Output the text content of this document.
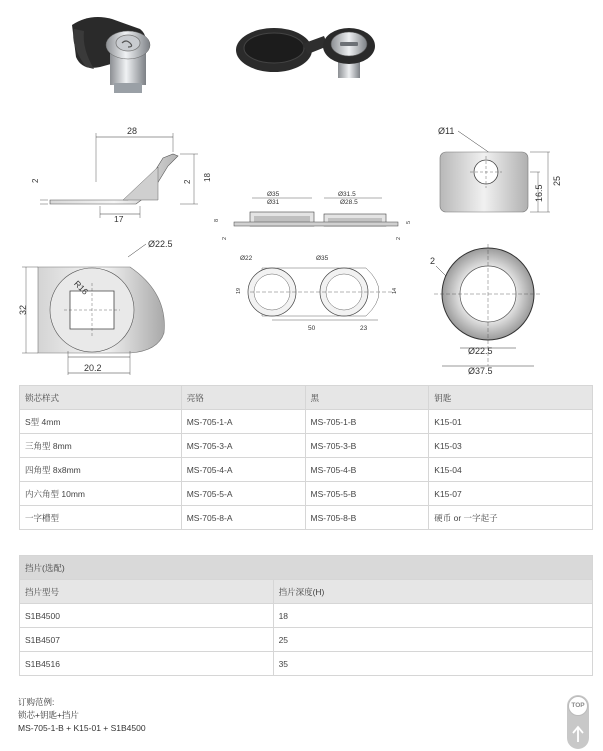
28
2	2 18
17
Ø35
Ø31
Ø31.5
Ø28.5
8
2
5
2
Ø11
16.5
25
Ø22.5
R16
32
20.2
Ø22	Ø35
19	14
50	23
2
Ø22.5
Ø37.5
锁芯样式	亮铬	黑	钥匙
S型 4mm	MS-705-1-A	MS-705-1-B	K15-01
三角型 8mm	MS-705-3-A	MS-705-3-B	K15-03
四角型 8x8mm	MS-705-4-A	MS-705-4-B	K15-04
内六角型 10mm	MS-705-5-A	MS-705-5-B	K15-07
一字槽型	MS-705-8-A	MS-705-8-B	硬币 or 一字起子
挡片(选配)	
挡片型号	挡片深度(H)
S1B4500	18
S1B4507	25
S1B4516	35
订购范例:
锁芯+钥匙+挡片
MS-705-1-B + K15-01 + S1B4500
TOP
